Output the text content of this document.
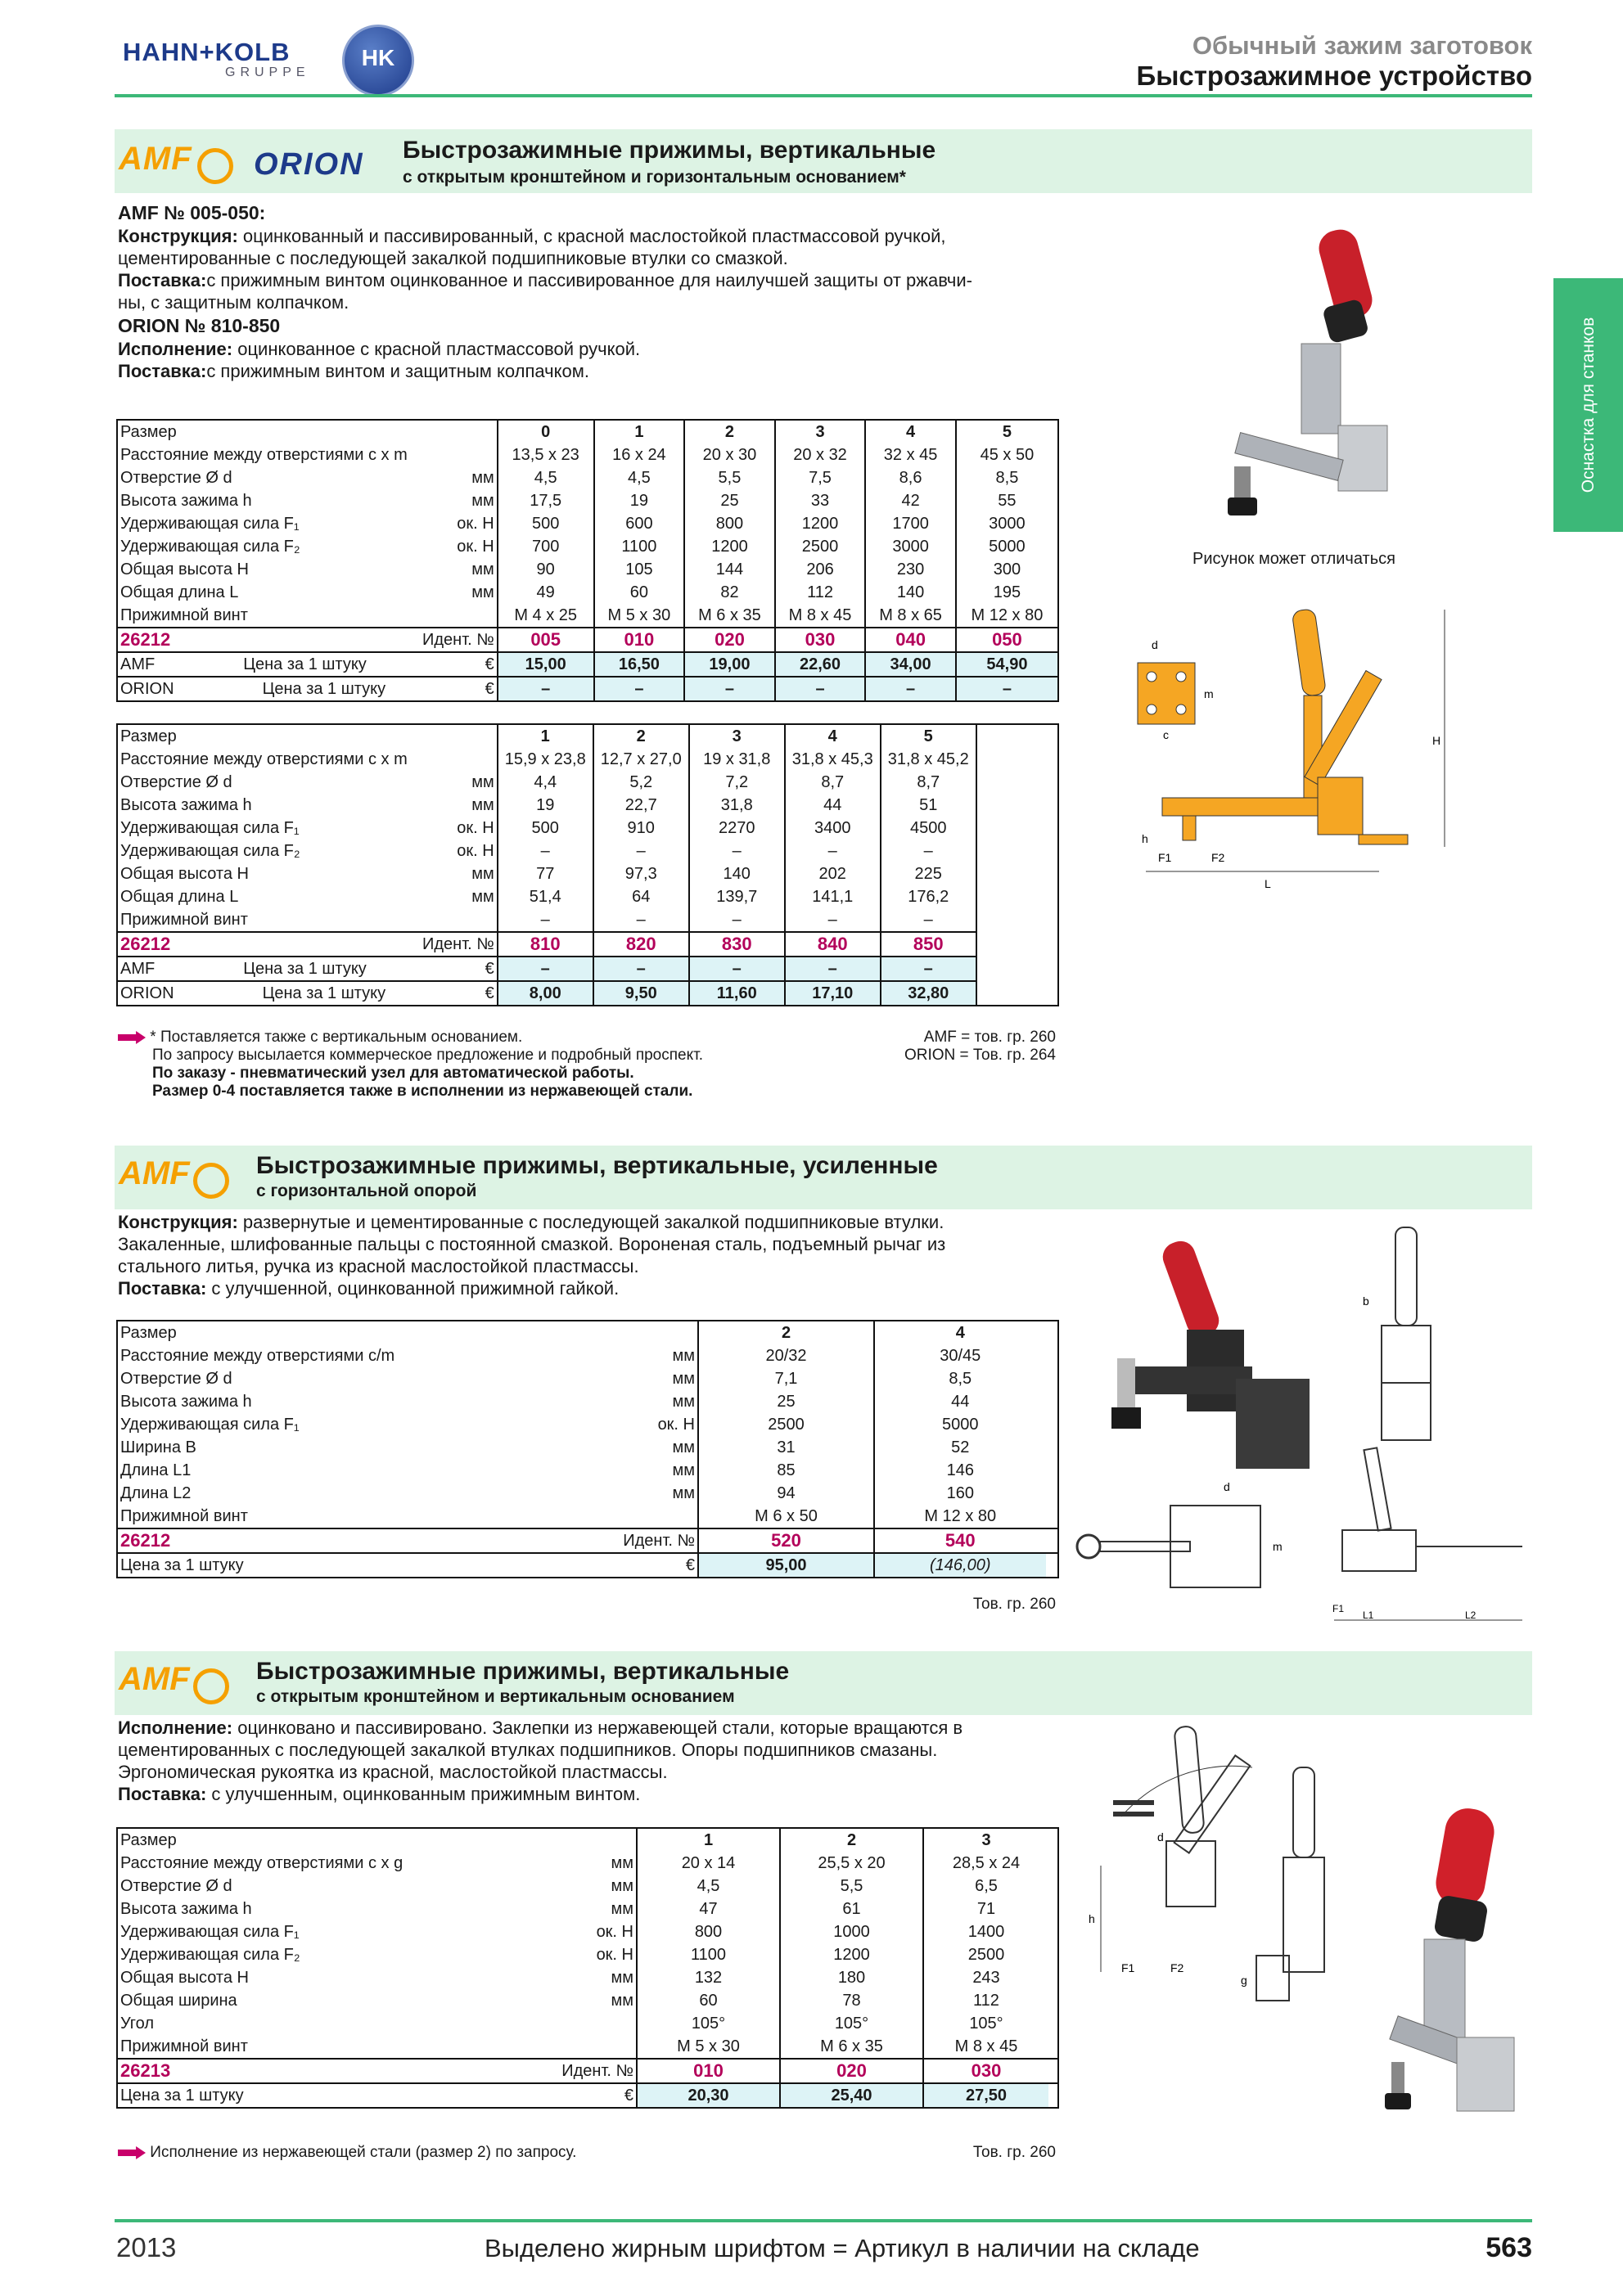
HAHN+KOLB
GRUPPE
HK	Обычный зажим заготовок
Быстрозажимное устройство
Оснастка для станков
AMF	ORION Быстрозажимные прижимы, вертикальные
с открытым кронштейном и горизонтальным основанием*
AMF № 005-050:
Конструкция: оцинкованный и пассивированный, с красной маслостойкой пластмассовой ручкой,
цементированные с последующей закалкой подшипниковые втулки со смазкой.
Поставка:с прижимным винтом оцинкованное и пассивированное для наилучшей защиты от ржавчи-
ны, с защитным колпачком.
ORION № 810-850
Исполнение: оцинкованное с красной пластмассовой ручкой.
Поставка:с прижимным винтом и защитным колпачком.
Размер		0	1	2	3	4	5
Расстояние между отверстиями с x m		13,5 x 23	16 x 24	20 x 30	20 x 32	32 x 45	45 x 50
Отверстие Ø d	мм	4,5	4,5	5,5	7,5	8,6	8,5
Высота зажима h	мм	17,5	19	25	33	42	55
Удерживающая сила F₁	ок. Н	500	600	800	1200	1700	3000
Удерживающая сила F₂	ок. Н	700	1100	1200	2500	3000	5000
Общая высота H	мм	90	105	144	206	230	300
Общая длина L	мм	49	60	82	112	140	195
Прижимной винт		M 4 x 25	M 5 x 30	M 6 x 35	M 8 x 45	M 8 x 65	M 12 x 80
26212	Идент. №	005	010	020	030	040	050
AMF Цена за 1 штуку	€	15,00	16,50	19,00	22,60	34,00	54,90
ORION Цена за 1 штуку	€	–	–	–	–	–	–
Размер		1	2	3	4	5	
Расстояние между отверстиями с x m		15,9 x 23,8	12,7 x 27,0	19 x 31,8	31,8 x 45,3	31,8 x 45,2	
Отверстие Ø d	мм	4,4	5,2	7,2	8,7	8,7	
Высота зажима h	мм	19	22,7	31,8	44	51	
Удерживающая сила F₁	ок. Н	500	910	2270	3400	4500	
Удерживающая сила F₂	ок. Н	–	–	–	–	–	
Общая высота H	мм	77	97,3	140	202	225	
Общая длина L	мм	51,4	64	139,7	141,1	176,2	
Прижимной винт		–	–	–	–	–	
26212	Идент. №	810	820	830	840	850	
AMF Цена за 1 штуку	€	–	–	–	–	–	
ORION Цена за 1 штуку	€	8,00	9,50	11,60	17,10	32,80	
* Поставляется также с вертикальным основанием.
По запросу высылается коммерческое предложение и подробный проспект.
По заказу - пневматический узел для автоматической работы.
Размер 0-4 поставляется также в исполнении из нержавеющей стали.
AMF = тов. гр. 260
ORION = Тов. гр. 264
Рисунок может отличаться
d
c
m
L
H
F1	F2
h
AMF	Быстрозажимные прижимы, вертикальные, усиленные
с горизонтальной опорой
Конструкция: развернутые и цементированные с последующей закалкой подшипниковые втулки.
Закаленные, шлифованные пальцы с постоянной смазкой. Вороненая сталь, подъемный рычаг из
стального литья, ручка из красной маслостойкой пластмассы.
Поставка: с улучшенной, оцинкованной прижимной гайкой.
Размер		2	4	
Расстояние между отверстиями c/m	мм	20/32	30/45	
Отверстие Ø d	мм	7,1	8,5	
Высота зажима h	мм	25	44	
Удерживающая сила F₁	ок. Н	2500	5000	
Ширина B	мм	31	52	
Длина L1	мм	85	146	
Длина L2	мм	94	160	
Прижимной винт		M 6 x 50	M 12 x 80	
26212	Идент. №	520	540	
Цена за 1 штуку	€	95,00	(146,00)	
Тов. гр. 260
b
d
m
F1
L1	L2
AMF	Быстрозажимные прижимы, вертикальные
с открытым кронштейном и вертикальным основанием
Исполнение: оцинковано и пассивировано. Заклепки из нержавеющей стали, которые вращаются в
цементированных с последующей закалкой втулках подшипников. Опоры подшипников смазаны.
Эргономическая рукоятка из красной, маслостойкой пластмассы.
Поставка: с улучшенным, оцинкованным прижимным винтом.
Размер		1	2	3	
Расстояние между отверстиями с x g	мм	20 x 14	25,5 x 20	28,5 x 24	
Отверстие Ø d	мм	4,5	5,5	6,5	
Высота зажима h	мм	47	61	71	
Удерживающая сила F₁	ок. Н	800	1000	1400	
Удерживающая сила F₂	ок. Н	1100	1200	2500	
Общая высота H	мм	132	180	243	
Общая ширина	мм	60	78	112	
Угол		105°	105°	105°	
Прижимной винт		M 5 x 30	M 6 x 35	M 8 x 45	
26213	Идент. №	010	020	030	
Цена за 1 штуку	€	20,30	25,40	27,50	
Исполнение из нержавеющей стали (размер 2) по запросу.	Тов. гр. 260
h
F1	F2
d
g
2013	Выделено жирным шрифтом = Артикул в наличии на складе	563
